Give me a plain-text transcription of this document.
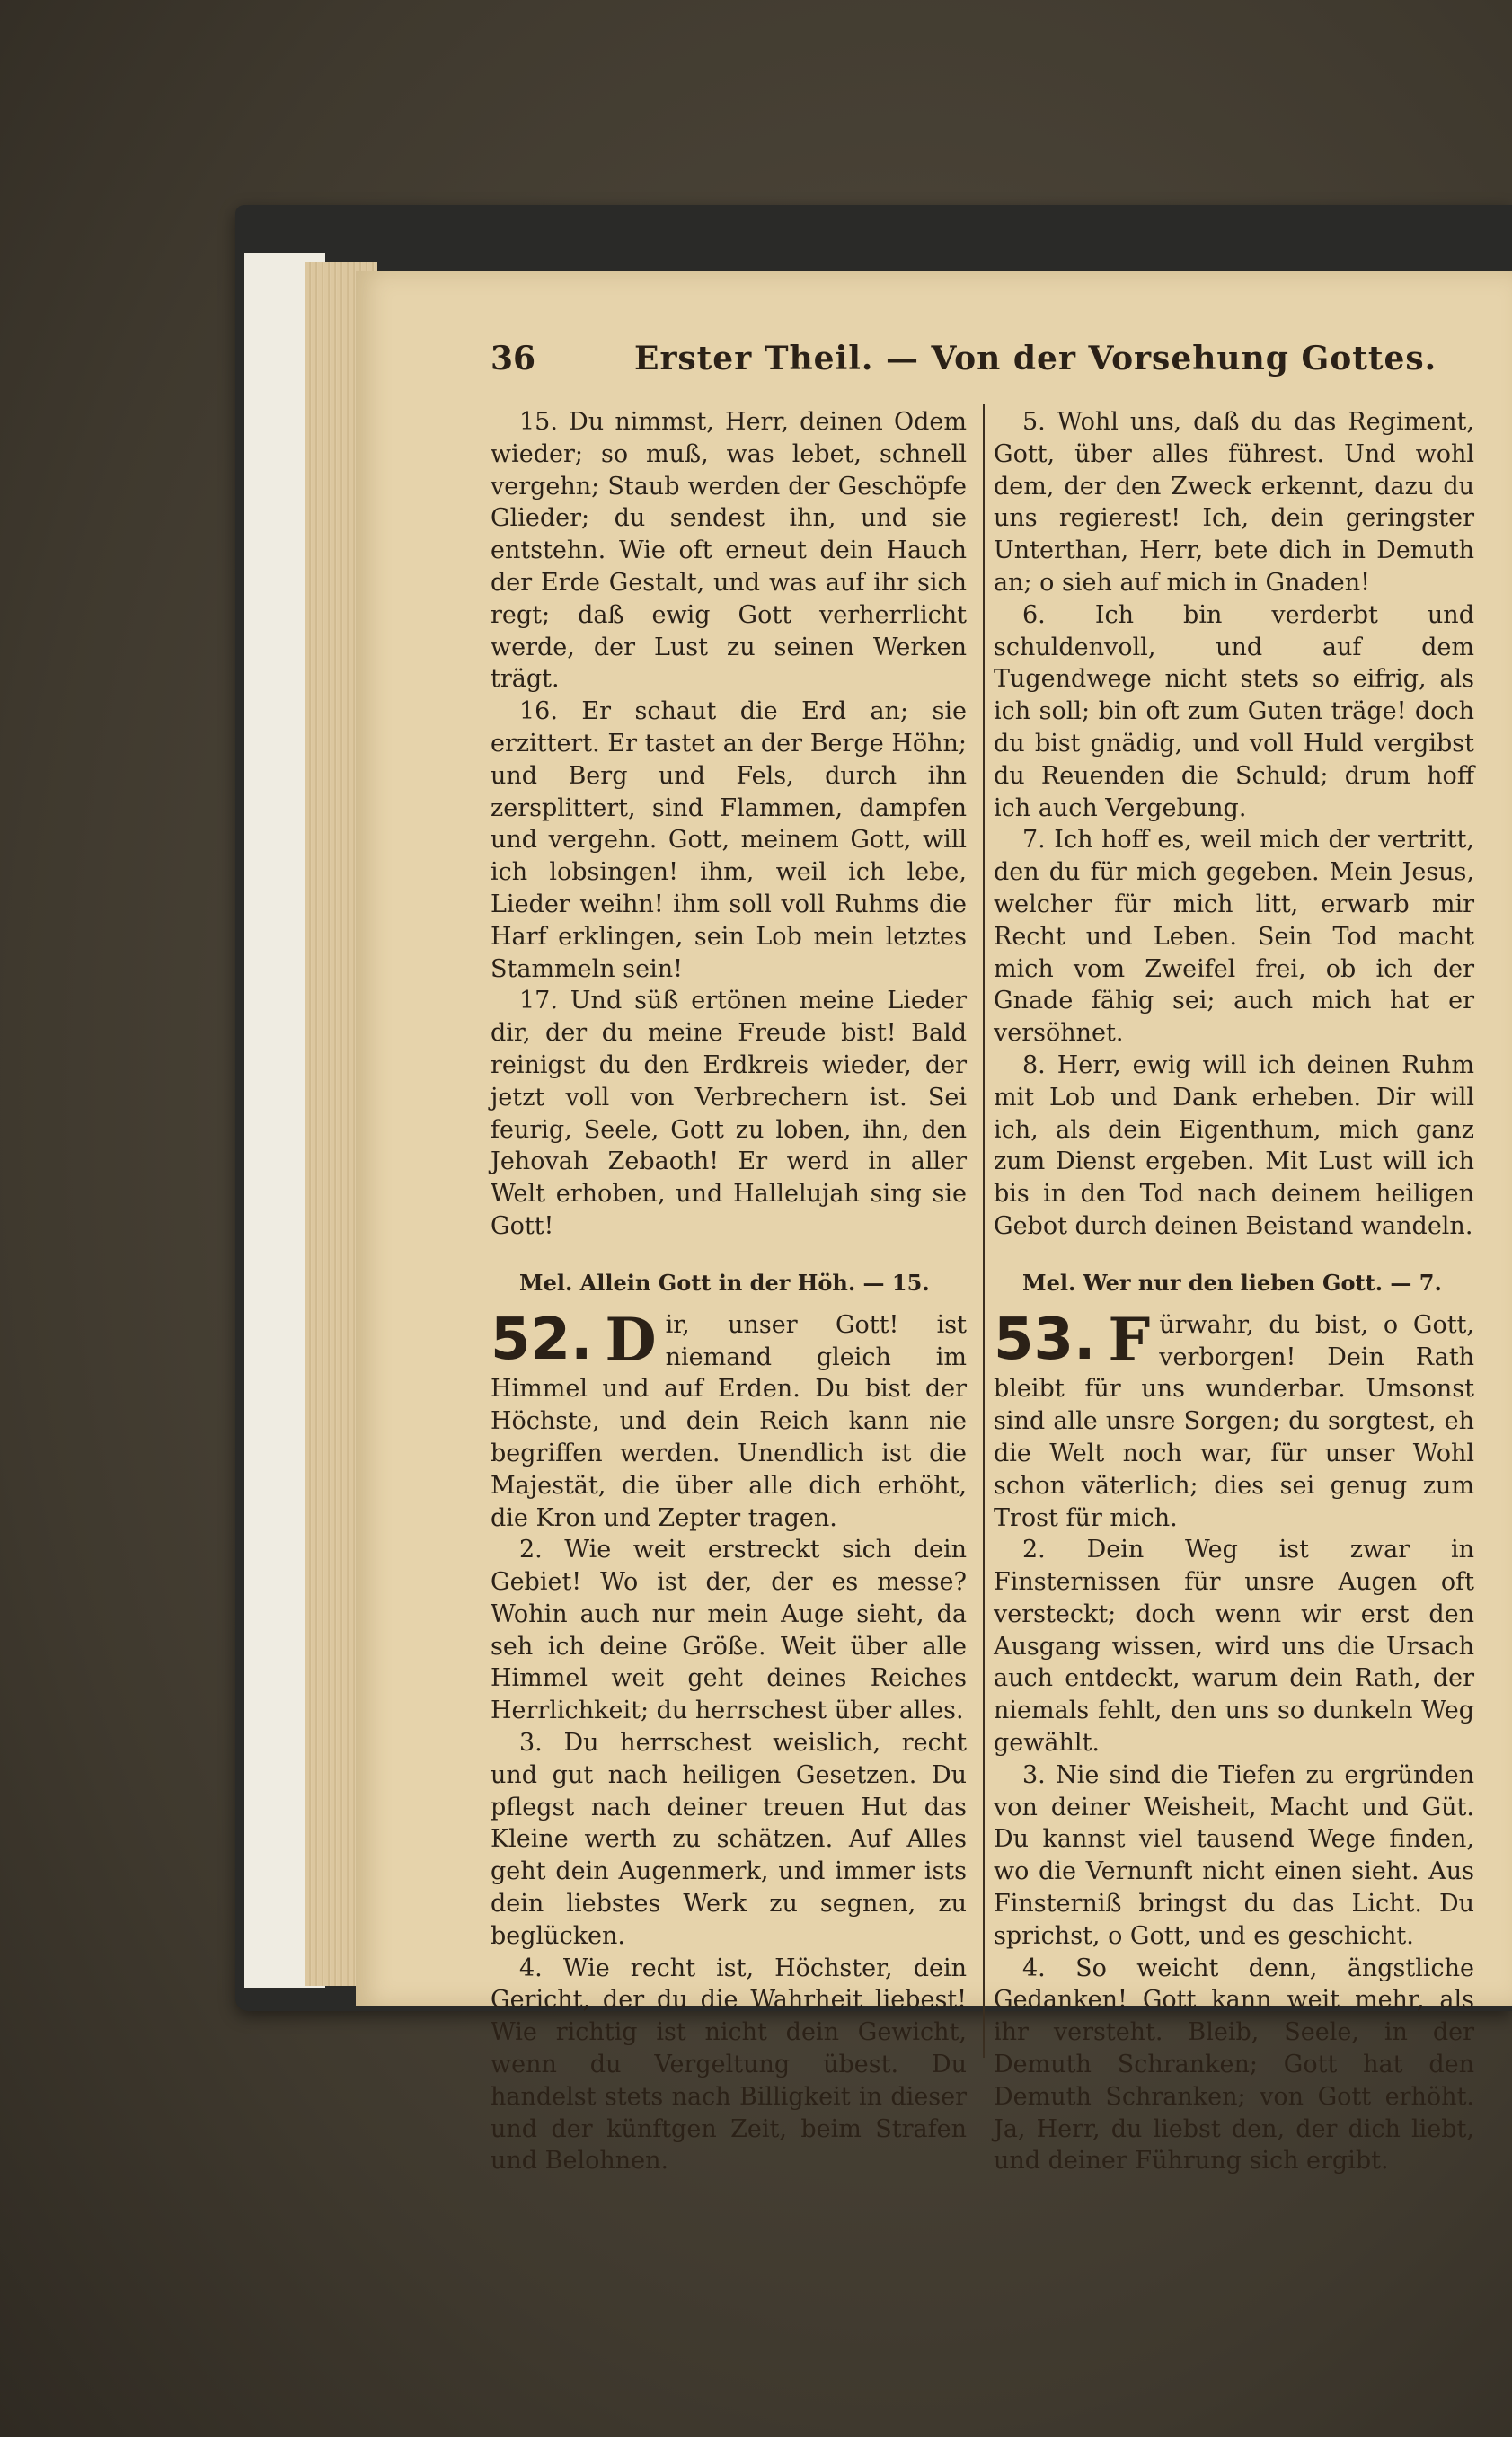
36	Erster Theil. — Von der Vorsehung Gottes.

15. Du nimmst, Herr, deinen Odem wieder; so muß, was lebet, schnell vergehn; Staub werden der Geschöpfe Glieder; du sendest ihn, und sie entstehn. Wie oft erneut dein Hauch der Erde Gestalt, und was auf ihr sich regt; daß ewig Gott verherrlicht werde, der Lust zu seinen Werken trägt.

16. Er schaut die Erd an; sie erzittert. Er tastet an der Berge Höhn; und Berg und Fels, durch ihn zersplittert, sind Flammen, dampfen und vergehn. Gott, meinem Gott, will ich lobsingen! ihm, weil ich lebe, Lieder weihn! ihm soll voll Ruhms die Harf erklingen, sein Lob mein letztes Stammeln sein!

17. Und süß ertönen meine Lieder dir, der du meine Freude bist! Bald reinigst du den Erdkreis wieder, der jetzt voll von Verbrechern ist. Sei feurig, Seele, Gott zu loben, ihn, den Jehovah Zebaoth! Er werd in aller Welt erhoben, und Hallelujah sing sie Gott!

Mel. Allein Gott in der Höh. — 15.

52. D ir, unser Gott! ist niemand gleich im Himmel und auf Erden. Du bist der Höchste, und dein Reich kann nie begriffen werden. Unendlich ist die Majestät, die über alle dich erhöht, die Kron und Zepter tragen.

2. Wie weit erstreckt sich dein Gebiet! Wo ist der, der es messe? Wohin auch nur mein Auge sieht, da seh ich deine Größe. Weit über alle Himmel weit geht deines Reiches Herrlichkeit; du herrschest über alles.

3. Du herrschest weislich, recht und gut nach heiligen Gesetzen. Du pflegst nach deiner treuen Hut das Kleine werth zu schätzen. Auf Alles geht dein Augenmerk, und immer ists dein liebstes Werk zu segnen, zu beglücken.

4. Wie recht ist, Höchster, dein Gericht, der du die Wahrheit liebest! Wie richtig ist nicht dein Gewicht, wenn du Vergeltung übest. Du handelst stets nach Billigkeit in dieser und der künftgen Zeit, beim Strafen und Belohnen.

5. Wohl uns, daß du das Regiment, Gott, über alles führest. Und wohl dem, der den Zweck erkennt, dazu du uns regierest! Ich, dein geringster Unterthan, Herr, bete dich in Demuth an; o sieh auf mich in Gnaden!

6. Ich bin verderbt und schuldenvoll, und auf dem Tugendwege nicht stets so eifrig, als ich soll; bin oft zum Guten träge! doch du bist gnädig, und voll Huld vergibst du Reuenden die Schuld; drum hoff ich auch Vergebung.

7. Ich hoff es, weil mich der vertritt, den du für mich gegeben. Mein Jesus, welcher für mich litt, erwarb mir Recht und Leben. Sein Tod macht mich vom Zweifel frei, ob ich der Gnade fähig sei; auch mich hat er versöhnet.

8. Herr, ewig will ich deinen Ruhm mit Lob und Dank erheben. Dir will ich, als dein Eigenthum, mich ganz zum Dienst ergeben. Mit Lust will ich bis in den Tod nach deinem heiligen Gebot durch deinen Beistand wandeln.

Mel. Wer nur den lieben Gott. — 7.

53. F ürwahr, du bist, o Gott, verborgen! Dein Rath bleibt für uns wunderbar. Umsonst sind alle unsre Sorgen; du sorgtest, eh die Welt noch war, für unser Wohl schon väterlich; dies sei genug zum Trost für mich.

2. Dein Weg ist zwar in Finsternissen für unsre Augen oft versteckt; doch wenn wir erst den Ausgang wissen, wird uns die Ursach auch entdeckt, warum dein Rath, der niemals fehlt, den uns so dunkeln Weg gewählt.

3. Nie sind die Tiefen zu ergründen von deiner Weisheit, Macht und Güt. Du kannst viel tausend Wege finden, wo die Vernunft nicht einen sieht. Aus Finsterniß bringst du das Licht. Du sprichst, o Gott, und es geschicht.

4. So weicht denn, ängstliche Gedanken! Gott kann weit mehr, als ihr versteht. Bleib, Seele, in der Demuth Schranken; Gott hat den Demuth Schranken; von Gott erhöht. Ja, Herr, du liebst den, der dich liebt, und deiner Führung sich ergibt.
